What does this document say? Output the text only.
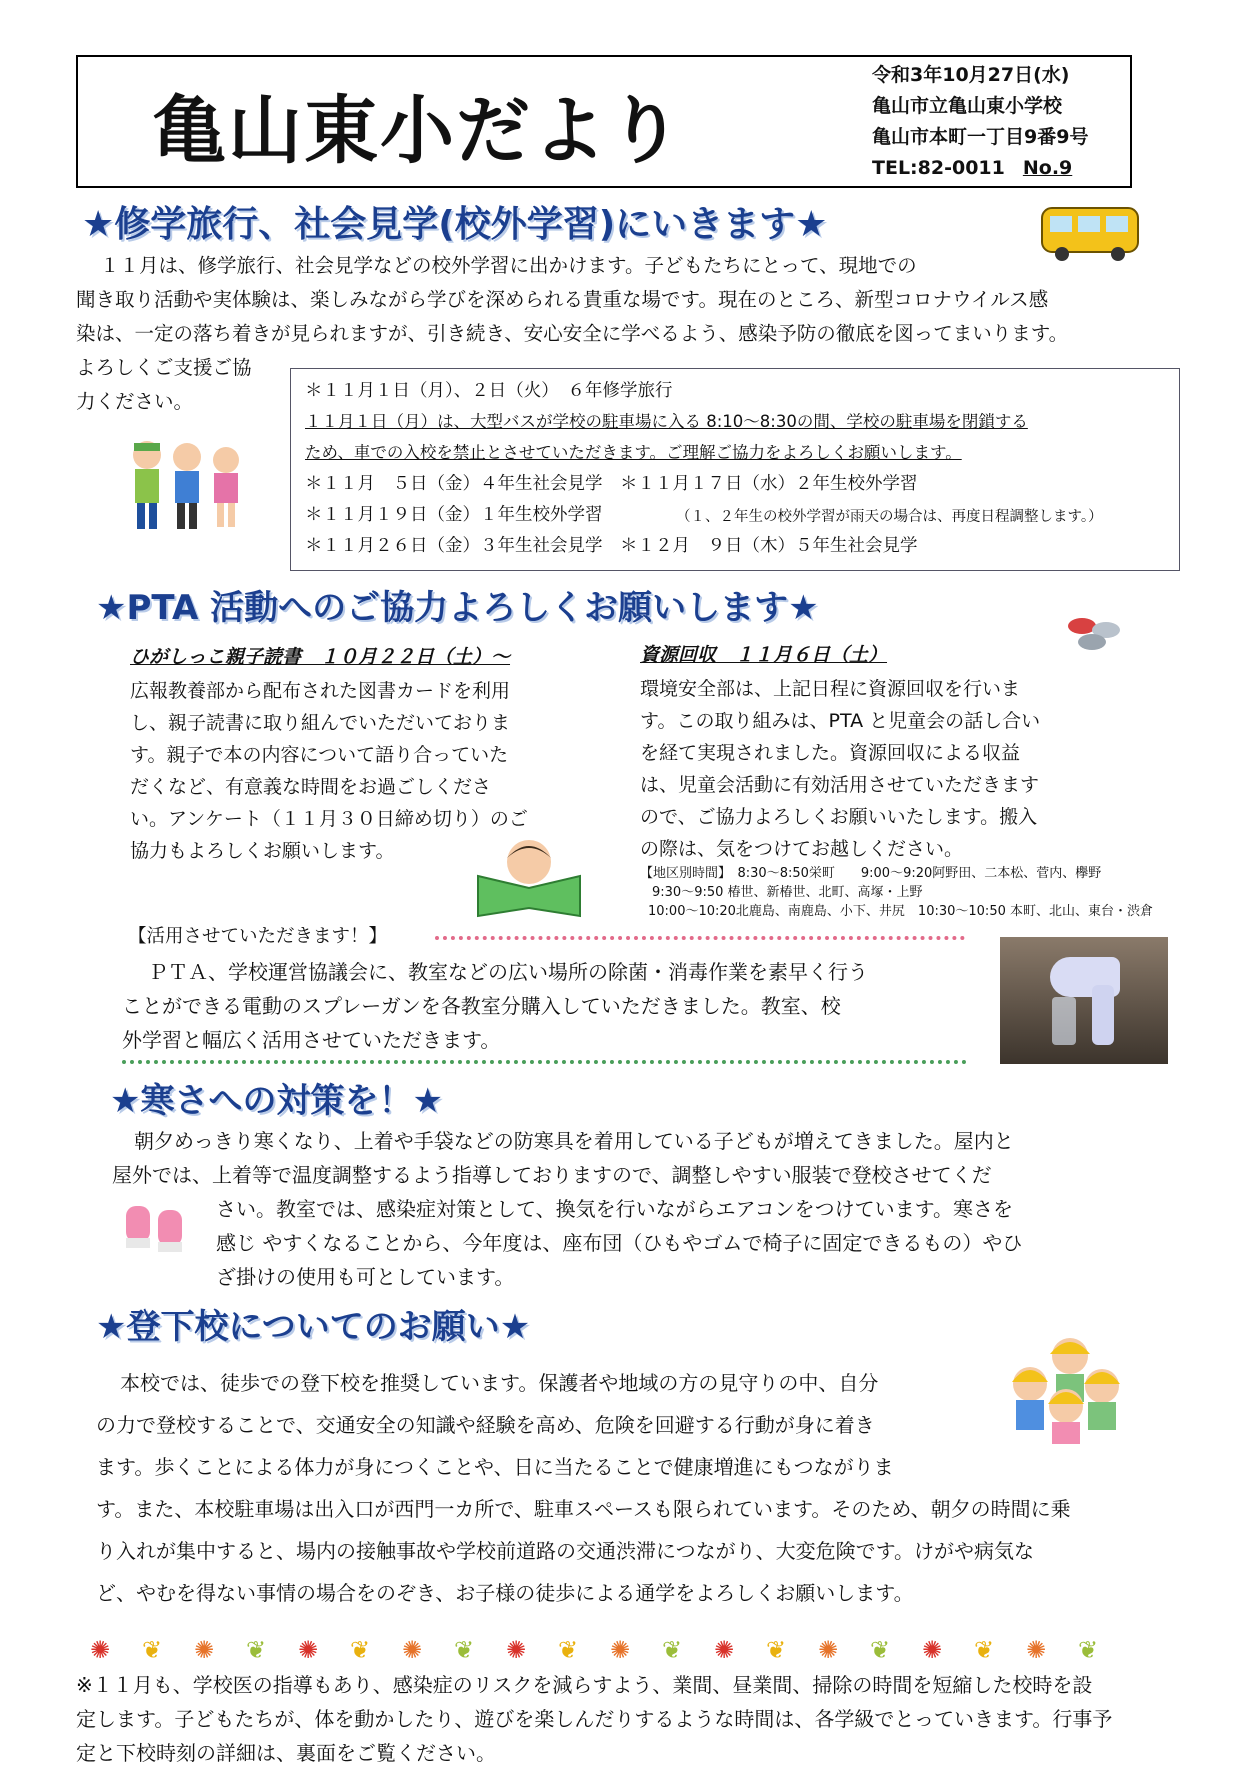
亀山東小だより
令和3年10月27日(水)
亀山市立亀山東小学校
亀山市本町一丁目9番9号
TEL:82-0011 No.9
★修学旅行、社会見学(校外学習)にいきます★
１１月は、修学旅行、社会見学などの校外学習に出かけます。子どもたちにとって、現地での
聞き取り活動や実体験は、楽しみながら学びを深められる貴重な場です。現在のところ、新型コロナウイルス感
染は、一定の落ち着きが見られますが、引き続き、安心安全に学べるよう、感染予防の徹底を図ってまいります。
よろしくご支援ご協
力ください。	＊１１月１日（月）、２日（火）　６年修学旅行
１１月１日（月）は、大型バスが学校の駐車場に入る 8:10～8:30の間、学校の駐車場を閉鎖する
ため、車での入校を禁止とさせていただきます。ご理解ご協力をよろしくお願いします。
＊１１月　５日（金）４年生社会見学　＊１１月１７日（水）２年生校外学習
＊１１月１９日（金）１年生校外学習	（１、２年生の校外学習が雨天の場合は、再度日程調整します。）
＊１１月２６日（金）３年生社会見学　＊１２月　９日（木）５年生社会見学
★PTA 活動へのご協力よろしくお願いします★
ひがしっこ親子読書　１０月２２日（土）～
広報教養部から配布された図書カードを利用
し、親子読書に取り組んでいただいておりま
す。親子で本の内容について語り合っていた
だくなど、有意義な時間をお過ごしくださ
い。アンケート（１１月３０日締め切り）のご
協力もよろしくお願いします。
資源回収　１１月６日（土）
環境安全部は、上記日程に資源回収を行いま
す。この取り組みは、PTA と児童会の話し合い
を経て実現されました。資源回収による収益
は、児童会活動に有効活用させていただきます
ので、ご協力よろしくお願いいたします。搬入
の際は、気をつけてお越しください。
【地区別時間】　8:30～8:50栄町　　9:00～9:20阿野田、二本松、菅内、欅野
9:30～9:50 椿世、新椿世、北町、高塚・上野
10:00～10:20北鹿島、南鹿島、小下、井尻　10:30～10:50 本町、北山、東台・渋倉
【活用させていただきます！】
ＰＴＡ、学校運営協議会に、教室などの広い場所の除菌・消毒作業を素早く行う
ことができる電動のスプレーガンを各教室分購入していただきました。教室、校
外学習と幅広く活用させていただきます。
★寒さへの対策を！★
朝夕めっきり寒くなり、上着や手袋などの防寒具を着用している子どもが増えてきました。屋内と
屋外では、上着等で温度調整するよう指導しておりますので、調整しやすい服装で登校させてくだ
さい。教室では、感染症対策として、換気を行いながらエアコンをつけています。寒さを
感じ やすくなることから、今年度は、座布団（ひもやゴムで椅子に固定できるもの）やひ
ざ掛けの使用も可としています。
★登下校についてのお願い★
本校では、徒歩での登下校を推奨しています。保護者や地域の方の見守りの中、自分
の力で登校することで、交通安全の知識や経験を高め、危険を回避する行動が身に着き
ます。歩くことによる体力が身につくことや、日に当たることで健康増進にもつながりま
す。また、本校駐車場は出入口が西門一カ所で、駐車スペースも限られています。そのため、朝夕の時間に乗
り入れが集中すると、場内の接触事故や学校前道路の交通渋滞につながり、大変危険です。けがや病気な
ど、やむを得ない事情の場合をのぞき、お子様の徒歩による通学をよろしくお願いします。
✺ ❦ ✺ ❦ ✺ ❦ ✺ ❦ ✺ ❦ ✺ ❦ ✺ ❦ ✺ ❦ ✺ ❦ ✺ ❦
※１１月も、学校医の指導もあり、感染症のリスクを減らすよう、業間、昼業間、掃除の時間を短縮した校時を設
定します。子どもたちが、体を動かしたり、遊びを楽しんだりするような時間は、各学級でとっていきます。行事予
定と下校時刻の詳細は、裏面をご覧ください。
